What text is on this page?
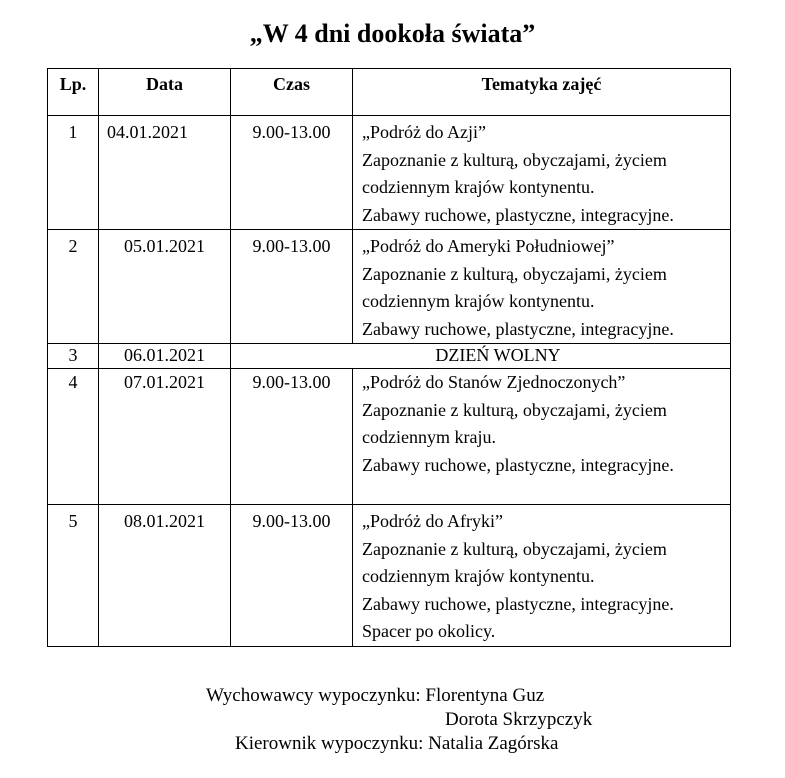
„W 4 dni dookoła świata”
Lp.	Data	Czas	Tematyka zajęć

1	04.01.2021	9.00-13.00	„Podróż do Azji”
Zapoznanie z kulturą, obyczajami, życiem
codziennym krajów kontynentu.
Zabawy ruchowe, plastyczne, integracyjne.

2	05.01.2021	9.00-13.00	„Podróż do Ameryki Południowej”
Zapoznanie z kulturą, obyczajami, życiem
codziennym krajów kontynentu.
Zabawy ruchowe, plastyczne, integracyjne.

3	06.01.2021	DZIEŃ WOLNY	

4	07.01.2021	9.00-13.00	„Podróż do Stanów Zjednoczonych”
Zapoznanie z kulturą, obyczajami, życiem
codziennym kraju.
Zabawy ruchowe, plastyczne, integracyjne.

5	08.01.2021	9.00-13.00	„Podróż do Afryki”
Zapoznanie z kulturą, obyczajami, życiem
codziennym krajów kontynentu.
Zabawy ruchowe, plastyczne, integracyjne.
Spacer po okolicy.
Wychowawcy wypoczynku: Florentyna Guz
Dorota Skrzypczyk
Kierownik wypoczynku: Natalia Zagórska
